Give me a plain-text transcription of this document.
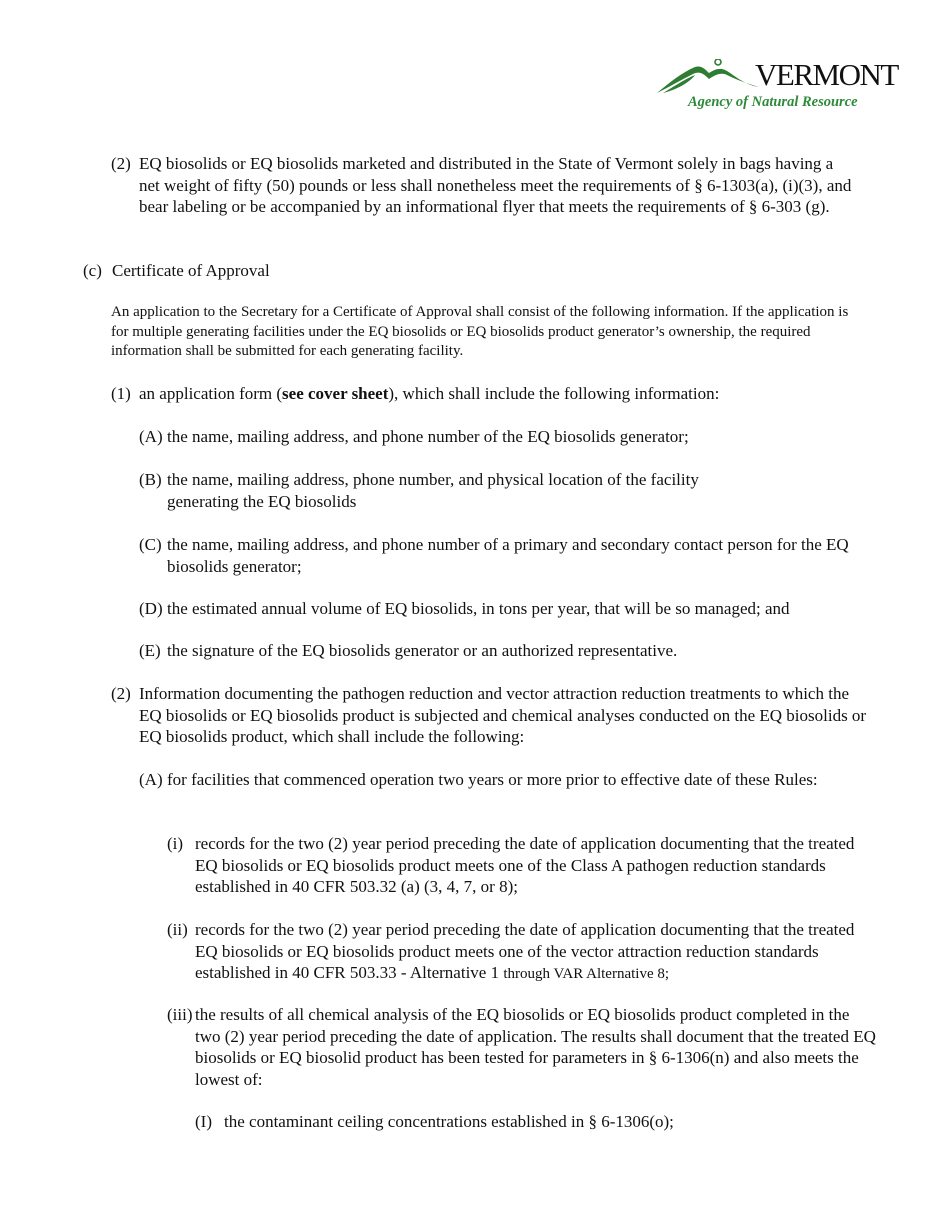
VERMONT
Agency of Natural Resource
(2) EQ biosolids or EQ biosolids marketed and distributed in the State of Vermont solely in bags having a net weight of fifty (50) pounds or less shall nonetheless meet the requirements of § 6-1303(a), (i)(3), and bear labeling or be accompanied by an informational flyer that meets the requirements of § 6-303 (g).
(c) Certificate of Approval
An application to the Secretary for a Certificate of Approval shall consist of the following information. If the application is for multiple generating facilities under the EQ biosolids or EQ biosolids product generator’s ownership, the required information shall be submitted for each generating facility.
(1) an application form (see cover sheet), which shall include the following information:
(A) the name, mailing address, and phone number of the EQ biosolids generator;
(B) the name, mailing address, phone number, and physical location of the facility generating the EQ biosolids
(C) the name, mailing address, and phone number of a primary and secondary contact person for the EQ biosolids generator;
(D) the estimated annual volume of EQ biosolids, in tons per year, that will be so managed; and
(E) the signature of the EQ biosolids generator or an authorized representative.
(2) Information documenting the pathogen reduction and vector attraction reduction treatments to which the EQ biosolids or EQ biosolids product is subjected and chemical analyses conducted on the EQ biosolids or EQ biosolids product, which shall include the following:
(A) for facilities that commenced operation two years or more prior to effective date of these Rules:
(i) records for the two (2) year period preceding the date of application documenting that the treated EQ biosolids or EQ biosolids product meets one of the Class A pathogen reduction standards established in 40 CFR 503.32 (a) (3, 4, 7, or 8);
(ii) records for the two (2) year period preceding the date of application documenting that the treated EQ biosolids or EQ biosolids product meets one of the vector attraction reduction standards established in 40 CFR 503.33 - Alternative 1 through VAR Alternative 8;
(iii) the results of all chemical analysis of the EQ biosolids or EQ biosolids product completed in the two (2) year period preceding the date of application. The results shall document that the treated EQ biosolids or EQ biosolid product has been tested for parameters in § 6-1306(n) and also meets the lowest of:
(I) the contaminant ceiling concentrations established in § 6-1306(o);
